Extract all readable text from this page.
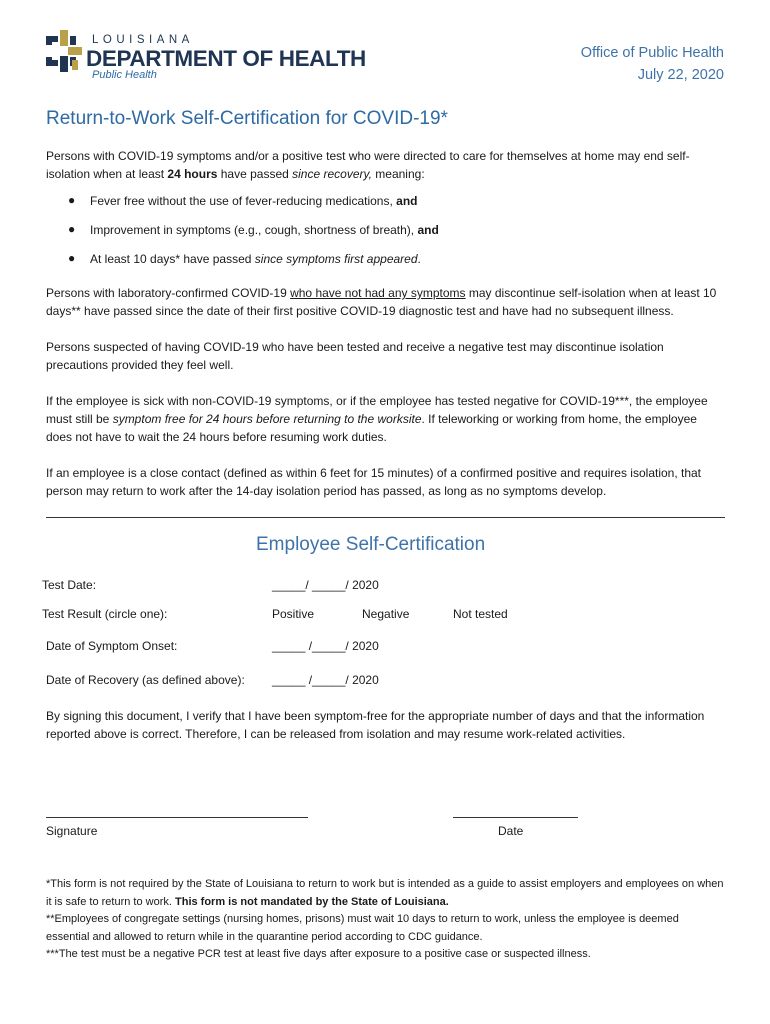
LOUISIANA
DEPARTMENT OF HEALTH
Public Health
Office of Public Health
July 22, 2020
Return-to-Work Self-Certification for COVID-19*
Persons with COVID-19 symptoms and/or a positive test who were directed to care for themselves at home may end self-isolation when at least 24 hours have passed since recovery, meaning:
● Fever free without the use of fever-reducing medications, and
● Improvement in symptoms (e.g., cough, shortness of breath), and
● At least 10 days* have passed since symptoms first appeared.
Persons with laboratory-confirmed COVID-19 who have not had any symptoms may discontinue self-isolation when at least 10 days** have passed since the date of their first positive COVID-19 diagnostic test and have had no subsequent illness.
Persons suspected of having COVID-19 who have been tested and receive a negative test may discontinue isolation precautions provided they feel well.
If the employee is sick with non-COVID-19 symptoms, or if the employee has tested negative for COVID-19***, the employee must still be symptom free for 24 hours before returning to the worksite. If teleworking or working from home, the employee does not have to wait the 24 hours before resuming work duties.
If an employee is a close contact (defined as within 6 feet for 15 minutes) of a confirmed positive and requires isolation, that person may return to work after the 14-day isolation period has passed, as long as no symptoms develop.
Employee Self-Certification
Test Date:	_____/ _____/ 2020
Test Result (circle one):	Positive	Negative	Not tested
Date of Symptom Onset:	_____ /_____/ 2020
Date of Recovery (as defined above): _____ /_____/ 2020
By signing this document, I verify that I have been symptom-free for the appropriate number of days and that the information reported above is correct. Therefore, I can be released from isolation and may resume work-related activities.
Signature	Date
*This form is not required by the State of Louisiana to return to work but is intended as a guide to assist employers and employees on when it is safe to return to work. This form is not mandated by the State of Louisiana.
**Employees of congregate settings (nursing homes, prisons) must wait 10 days to return to work, unless the employee is deemed essential and allowed to return while in the quarantine period according to CDC guidance.
***The test must be a negative PCR test at least five days after exposure to a positive case or suspected illness.
